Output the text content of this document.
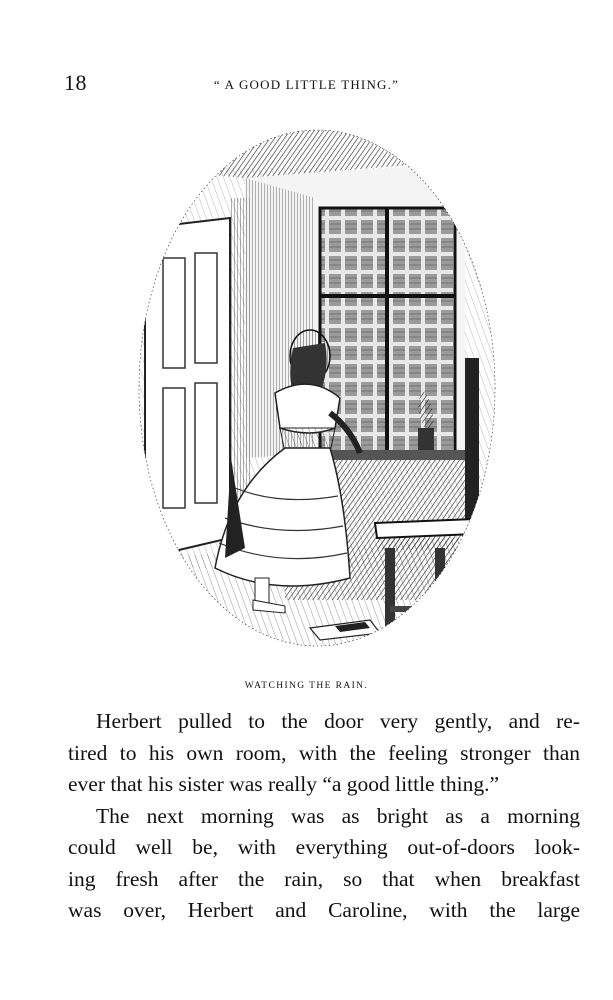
18	“ A GOOD LITTLE THING.”
WATCHING THE RAIN.

Herbert pulled to the door very gently, and re-
tired to his own room, with the feeling stronger than
ever that his sister was really “a good little thing.”

The next morning was as bright as a morning
could well be, with everything out-of-doors look-
ing fresh after the rain, so that when breakfast
was over, Herbert and Caroline, with the large
